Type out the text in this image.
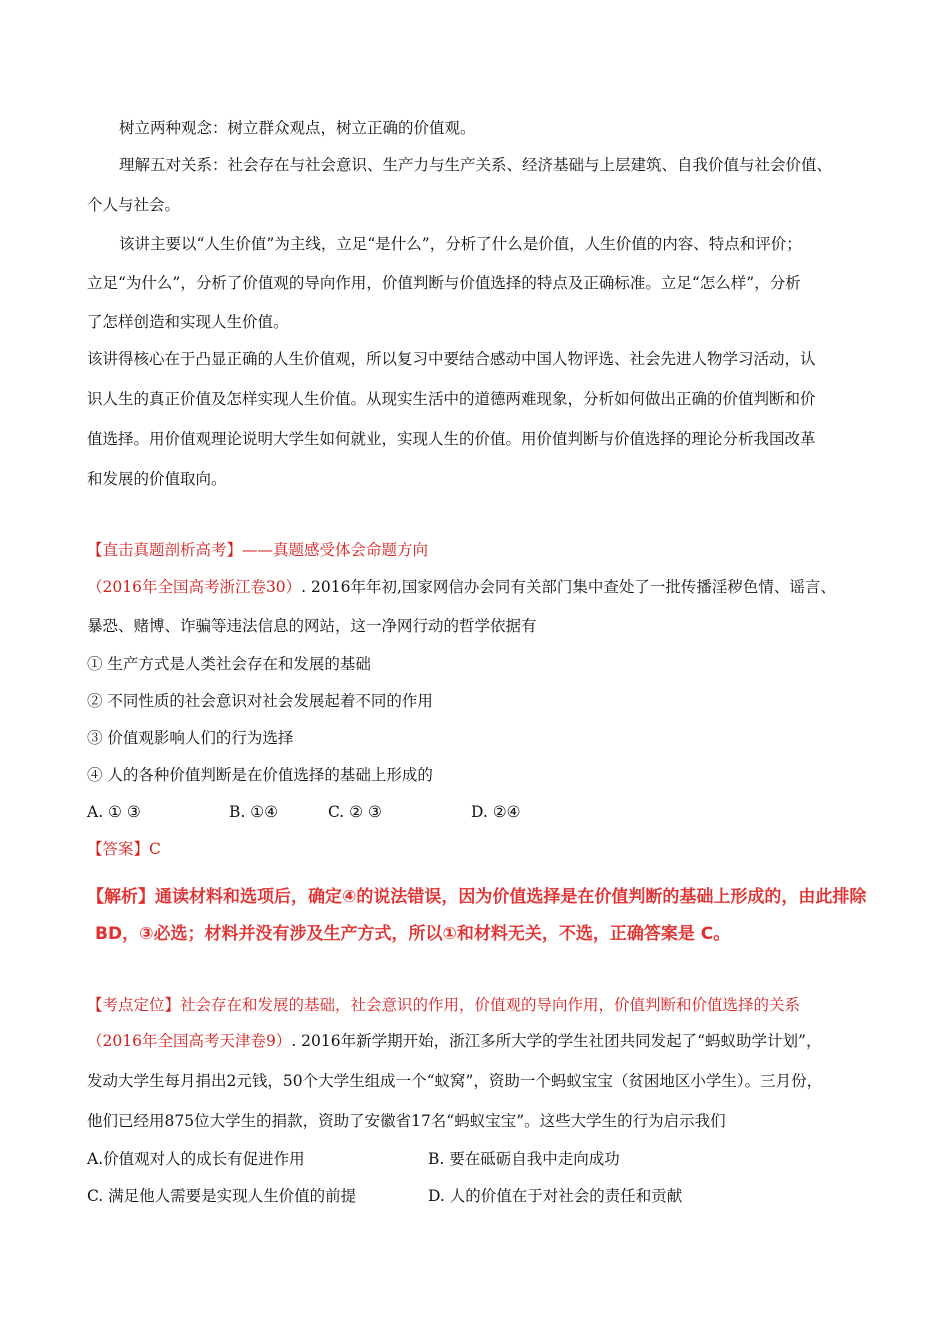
树立两种观念：树立群众观点，树立正确的价值观。
理解五对关系：社会存在与社会意识、生产力与生产关系、经济基础与上层建筑、自我价值与社会价值、
个人与社会。
该讲主要以“人生价值”为主线，立足“是什么”，分析了什么是价值，人生价值的内容、特点和评价；
立足“为什么”，分析了价值观的导向作用，价值判断与价值选择的特点及正确标准。立足“怎么样”，分析
了怎样创造和实现人生价值。
该讲得核心在于凸显正确的人生价值观，所以复习中要结合感动中国人物评选、社会先进人物学习活动，认
识人生的真正价值及怎样实现人生价值。从现实生活中的道德两难现象，分析如何做出正确的价值判断和价
值选择。用价值观理论说明大学生如何就业，实现人生的价值。用价值判断与价值选择的理论分析我国改革
和发展的价值取向。
【直击真题剖析高考】——真题感受体会命题方向
（2016年全国高考浙江卷30）. 2016年年初,国家网信办会同有关部门集中查处了一批传播淫秽色情、谣言、
暴恐、赌博、诈骗等违法信息的网站，这一净网行动的哲学依据有
① 生产方式是人类社会存在和发展的基础
② 不同性质的社会意识对社会发展起着不同的作用
③ 价值观影响人们的行为选择
④ 人的各种价值判断是在价值选择的基础上形成的
A. ① ③	B. ①④	C. ② ③	D. ②④
【答案】C
【解析】通读材料和选项后，确定④的说法错误，因为价值选择是在价值判断的基础上形成的，由此排除
BD，③必选；材料并没有涉及生产方式，所以①和材料无关，不选，正确答案是 C。
【考点定位】社会存在和发展的基础，社会意识的作用，价值观的导向作用，价值判断和价值选择的关系
（2016年全国高考天津卷9）. 2016年新学期开始，浙江多所大学的学生社团共同发起了“蚂蚁助学计划”，
发动大学生每月捐出2元钱，50个大学生组成一个“蚁窝”，资助一个蚂蚁宝宝（贫困地区小学生）。三月份，
他们已经用875位大学生的捐款，资助了安徽省17名“蚂蚁宝宝”。这些大学生的行为启示我们
A.价值观对人的成长有促进作用	B. 要在砥砺自我中走向成功
C. 满足他人需要是实现人生价值的前提	D. 人的价值在于对社会的责任和贡献
